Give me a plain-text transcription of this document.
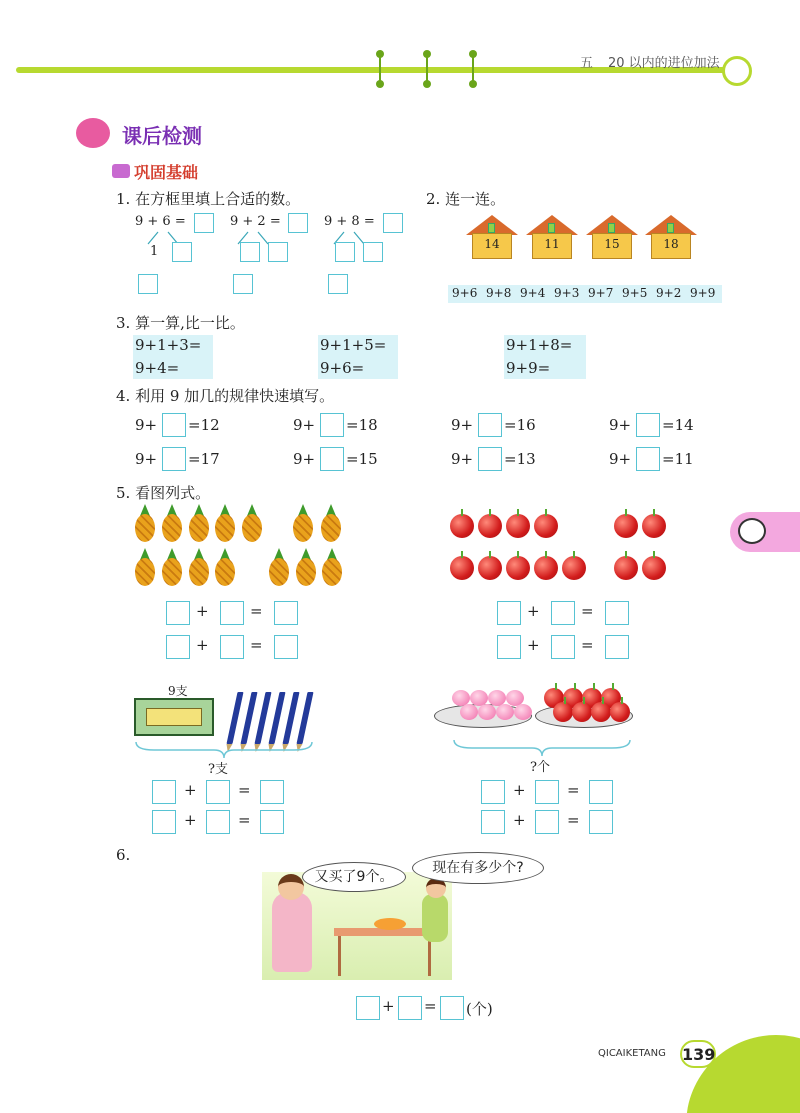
五 20 以内的进位加法
课后检测
巩固基础
1. 在方框里填上合适的数。
9 + 6 =	9 + 2 =	9 + 8 =
1
2. 连一连。
14	11	15	18
9+6 9+8 9+4 9+3 9+7 9+5 9+2 9+9
3. 算一算,比一比。
9+1+3=
9+4=
9+1+5=
9+6=
9+1+8=
9+9=
4. 利用 9 加几的规律快速填写。
9+ =12	9+ =18	9+ =16	9+ =14
9+ =17	9+ =15	9+ =13	9+ =11
5. 看图列式。
+	=
+	=
+	=
+	=
9支
?支
+	=
+	=
?个
+	=
+	=
6.
又买了9个。
现在有多少个?
+ = (个)
QICAIKETANG 139
